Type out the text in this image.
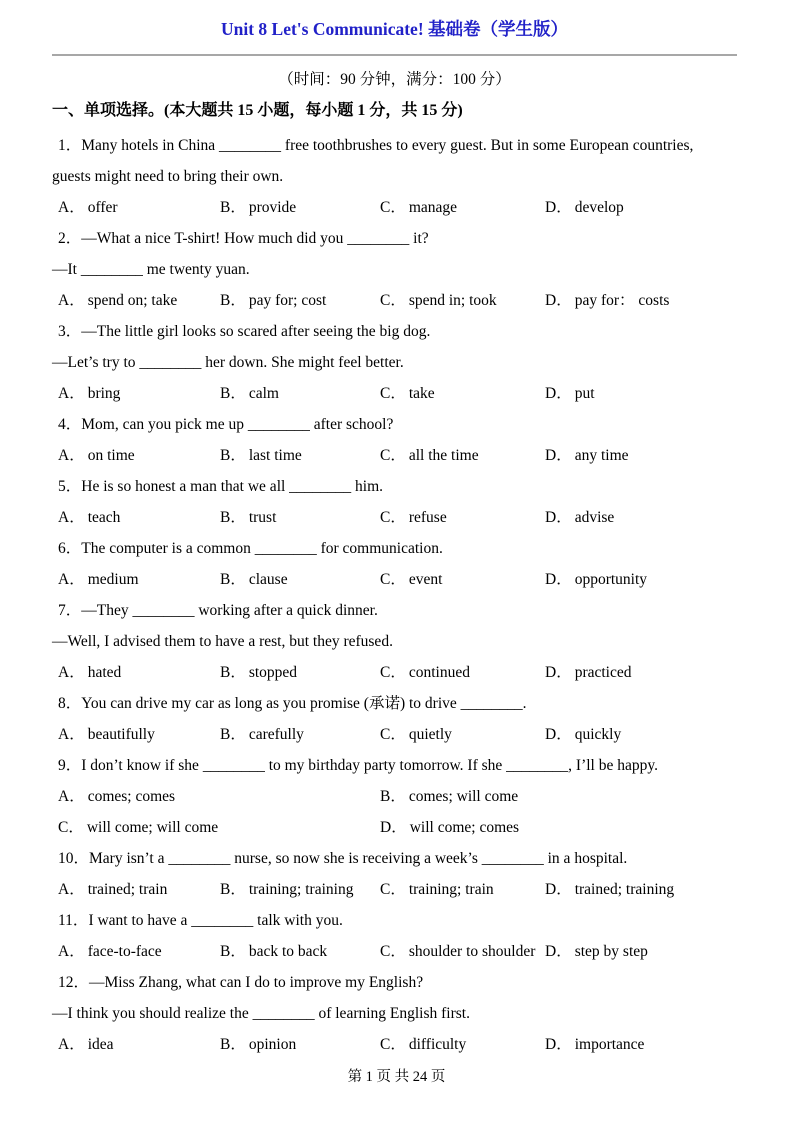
Unit 8 Let's Communicate! 基础卷（学生版）
（时间：90 分钟，满分：100 分）
一、单项选择。(本大题共 15 小题，每小题 1 分，共 15 分)
1．Many hotels in China ________ free toothbrushes to every guest. But in some European countries,
guests might need to bring their own.
A． offer	B． provide	C． manage	D． develop
2．—What a nice T-shirt! How much did you ________ it?
—It ________ me twenty yuan.
A． spend on; take	B． pay for; cost	C． spend in; took	D． pay for： costs
3．—The little girl looks so scared after seeing the big dog.
—Let’s try to ________ her down. She might feel better.
A． bring	B． calm	C． take	D． put
4．Mom, can you pick me up ________ after school?
A． on time	B． last time	C． all the time	D． any time
5．He is so honest a man that we all ________ him.
A． teach	B． trust	C． refuse	D． advise
6．The computer is a common ________ for communication.
A． medium	B． clause	C． event	D． opportunity
7．—They ________ working after a quick dinner.
—Well, I advised them to have a rest, but they refused.
A． hated	B． stopped	C． continued	D． practiced
8．You can drive my car as long as you promise (承诺) to drive ________.
A． beautifully	B． carefully	C． quietly	D． quickly
9．I don’t know if she ________ to my birthday party tomorrow. If she ________, I’ll be happy.
A． comes; comes	B． comes; will come
C． will come; will come	D． will come; comes
10．Mary isn’t a ________ nurse, so now she is receiving a week’s ________ in a hospital.
A． trained; train	B． training; training C． training; train	D． trained; training
11．I want to have a ________ talk with you.
A． face-to-face	B． back to back	C． shoulder to shoulder D． step by step
12．—Miss Zhang, what can I do to improve my English?
—I think you should realize the ________ of learning English first.
A． idea	B． opinion	C． difficulty	D． importance
第 1 页 共 24 页
